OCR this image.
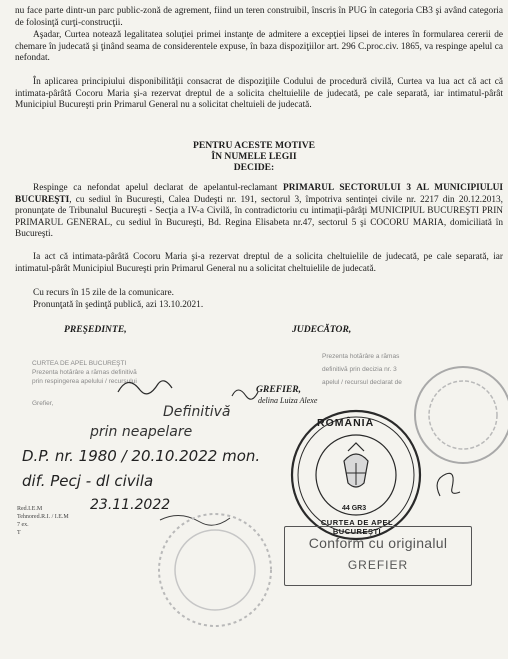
nu face parte dintr-un parc public-zonă de agrement, fiind un teren construibil, înscris în PUG în categoria CB3 şi având categoria de folosinţă curţi-construcţii.

Aşadar, Curtea notează legalitatea soluţiei primei instanţe de admitere a excepţiei lipsei de interes în formularea cererii de chemare în judecată şi ţinând seama de considerentele expuse, în baza dispoziţiilor art. 296 C.proc.civ. 1865, va respinge apelul ca nefondat.

În aplicarea principiului disponibilităţii consacrat de dispoziţiile Codului de procedură civilă, Curtea va lua act că act că intimata-pârâtă Cocoru Maria şi-a rezervat dreptul de a solicita cheltuielile de judecată, pe cale separată, iar intimatul-pârât Municipiul Bucureşti prin Primarul General nu a solicitat cheltuieli de judecată.

PENTRU ACESTE MOTIVE
ÎN NUMELE LEGII
DECIDE:

Respinge ca nefondat apelul declarat de apelantul-reclamant PRIMARUL SECTORULUI 3 AL MUNICIPIULUI BUCUREŞTI, cu sediul în Bucureşti, Calea Dudeşti nr. 191, sectorul 3, împotriva sentinţei civile nr. 2217 din 20.12.2013, pronunţate de Tribunalul Bucureşti - Secţia a IV-a Civilă, în contradictoriu cu intimaţii-pârâţi MUNICIPIUL BUCUREŞTI PRIN PRIMARUL GENERAL, cu sediul în Bucureşti, Bd. Regina Elisabeta nr.47, sectorul 5 şi COCORU MARIA, domiciliată în Bucureşti.

Ia act că intimata-pârâtă Cocoru Maria şi-a rezervat dreptul de a solicita cheltuielile de judecată, pe cale separată, iar intimatul-pârât Municipiul Bucureşti prin Primarul General nu a solicitat cheltuielile de judecată.

Cu recurs în 15 zile de la comunicare.

Pronunţată în şedinţă publică, azi 13.10.2021.

PREŞEDINTE,	JUDECĂTOR,
GREFIER,
delina Luiza Alexe
CURTEA DE APEL BUCUREŞTI
Prezenta hotărâre a rămas definitivă
prin respingerea apelului / recursului
Grefier,
Prezenta hotărâre a rămas
definitivă prin decizia nr. 3
apelul / recursul declarat de
Definitivă
prin neapelare
D.P. nr. 1980 / 20.10.2022 mon.
dif. Pecj - dl civila
23.11.2022
Red.I.E.M
Tehnored.R.I. / I.E.M
7 ex.
T
ROMÂNIA
CURTEA DE APEL BUCUREŞTI
44 GR3
Conform cu originalul
GREFIER
